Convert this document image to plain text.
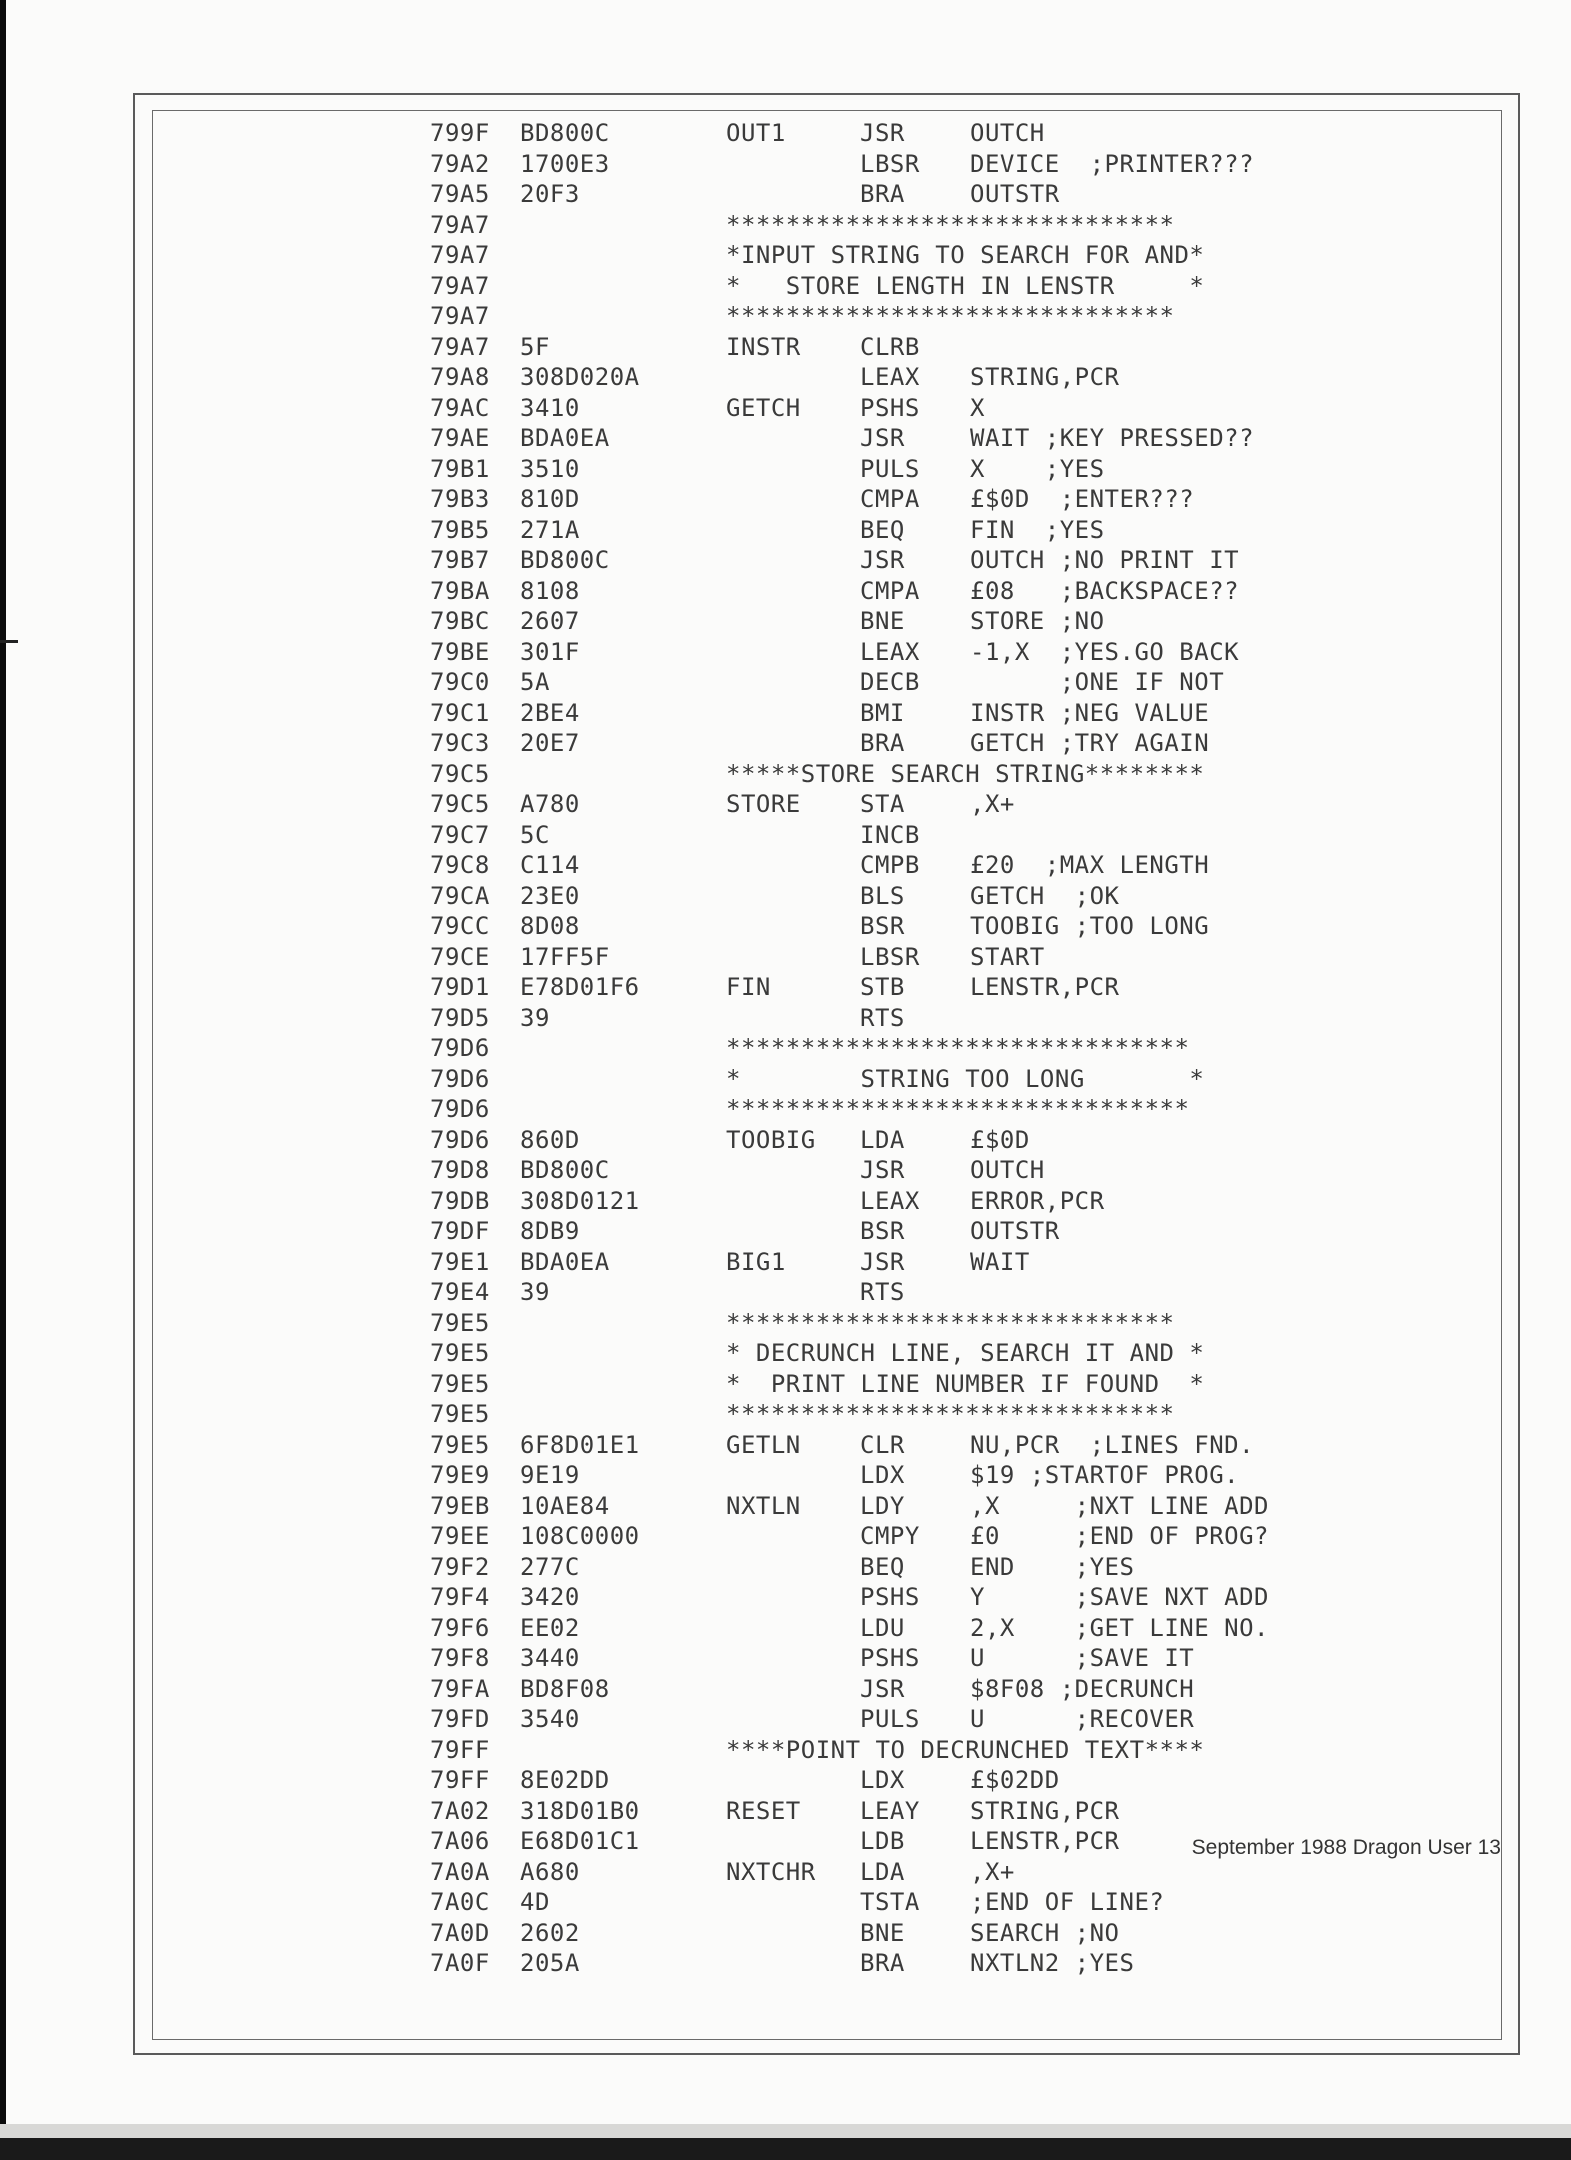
799F BD800C	OUT1	JSR	OUTCH
79A2 1700E3	LBSR DEVICE  ;PRINTER???
79A5 20F3	BRA	OUTSTR
79A7	******************************
79A7	*INPUT STRING TO SEARCH FOR AND*
79A7	*   STORE LENGTH IN LENSTR     *
79A7	******************************
79A7 5F	INSTR CLRB
79A8 308D020A	LEAX STRING,PCR
79AC 3410	GETCH PSHS X
79AE BDA0EA	JSR	WAIT ;KEY PRESSED??
79B1 3510	PULS X    ;YES
79B3 810D	CMPA £$0D  ;ENTER???
79B5 271A	BEQ	FIN  ;YES
79B7 BD800C	JSR	OUTCH ;NO PRINT IT
79BA 8108	CMPA £08   ;BACKSPACE??
79BC 2607	BNE	STORE ;NO
79BE 301F	LEAX -1,X  ;YES.GO BACK
79C0 5A	DECB ;ONE IF NOT
79C1 2BE4	BMI	INSTR ;NEG VALUE
79C3 20E7	BRA	GETCH ;TRY AGAIN
79C5	*****STORE SEARCH STRING********
79C5 A780	STORE STA	,X+
79C7 5C	INCB
79C8 C114	CMPB £20  ;MAX LENGTH
79CA 23E0	BLS	GETCH  ;OK
79CC 8D08	BSR	TOOBIG ;TOO LONG
79CE 17FF5F	LBSR START
79D1 E78D01F6	FIN	STB	LENSTR,PCR
79D5 39	RTS
79D6	*******************************
79D6	*        STRING TOO LONG       *
79D6	*******************************
79D6 860D	TOOBIG LDA	£$0D
79D8 BD800C	JSR	OUTCH
79DB 308D0121	LEAX ERROR,PCR
79DF 8DB9	BSR	OUTSTR
79E1 BDA0EA	BIG1	JSR	WAIT
79E4 39	RTS
79E5	******************************
79E5	* DECRUNCH LINE, SEARCH IT AND *
79E5	*  PRINT LINE NUMBER IF FOUND  *
79E5	******************************
79E5 6F8D01E1	GETLN CLR	NU,PCR  ;LINES FND.
79E9 9E19	LDX	$19 ;STARTOF PROG.
79EB 10AE84	NXTLN LDY	,X     ;NXT LINE ADD
79EE 108C0000	CMPY £0     ;END OF PROG?
79F2 277C	BEQ	END    ;YES
79F4 3420	PSHS Y      ;SAVE NXT ADD
79F6 EE02	LDU	2,X    ;GET LINE NO.
79F8 3440	PSHS U      ;SAVE IT
79FA BD8F08	JSR	$8F08 ;DECRUNCH
79FD 3540	PULS U      ;RECOVER
79FF	****POINT TO DECRUNCHED TEXT****
79FF 8E02DD	LDX	£$02DD
7A02 318D01B0	RESET LEAY STRING,PCR
7A06 E68D01C1	LDB	LENSTR,PCR
7A0A A680	NXTCHR LDA	,X+
7A0C 4D	TSTA ;END OF LINE?
7A0D 2602	BNE	SEARCH ;NO
7A0F 205A	BRA	NXTLN2 ;YES
September 1988 Dragon User 13
